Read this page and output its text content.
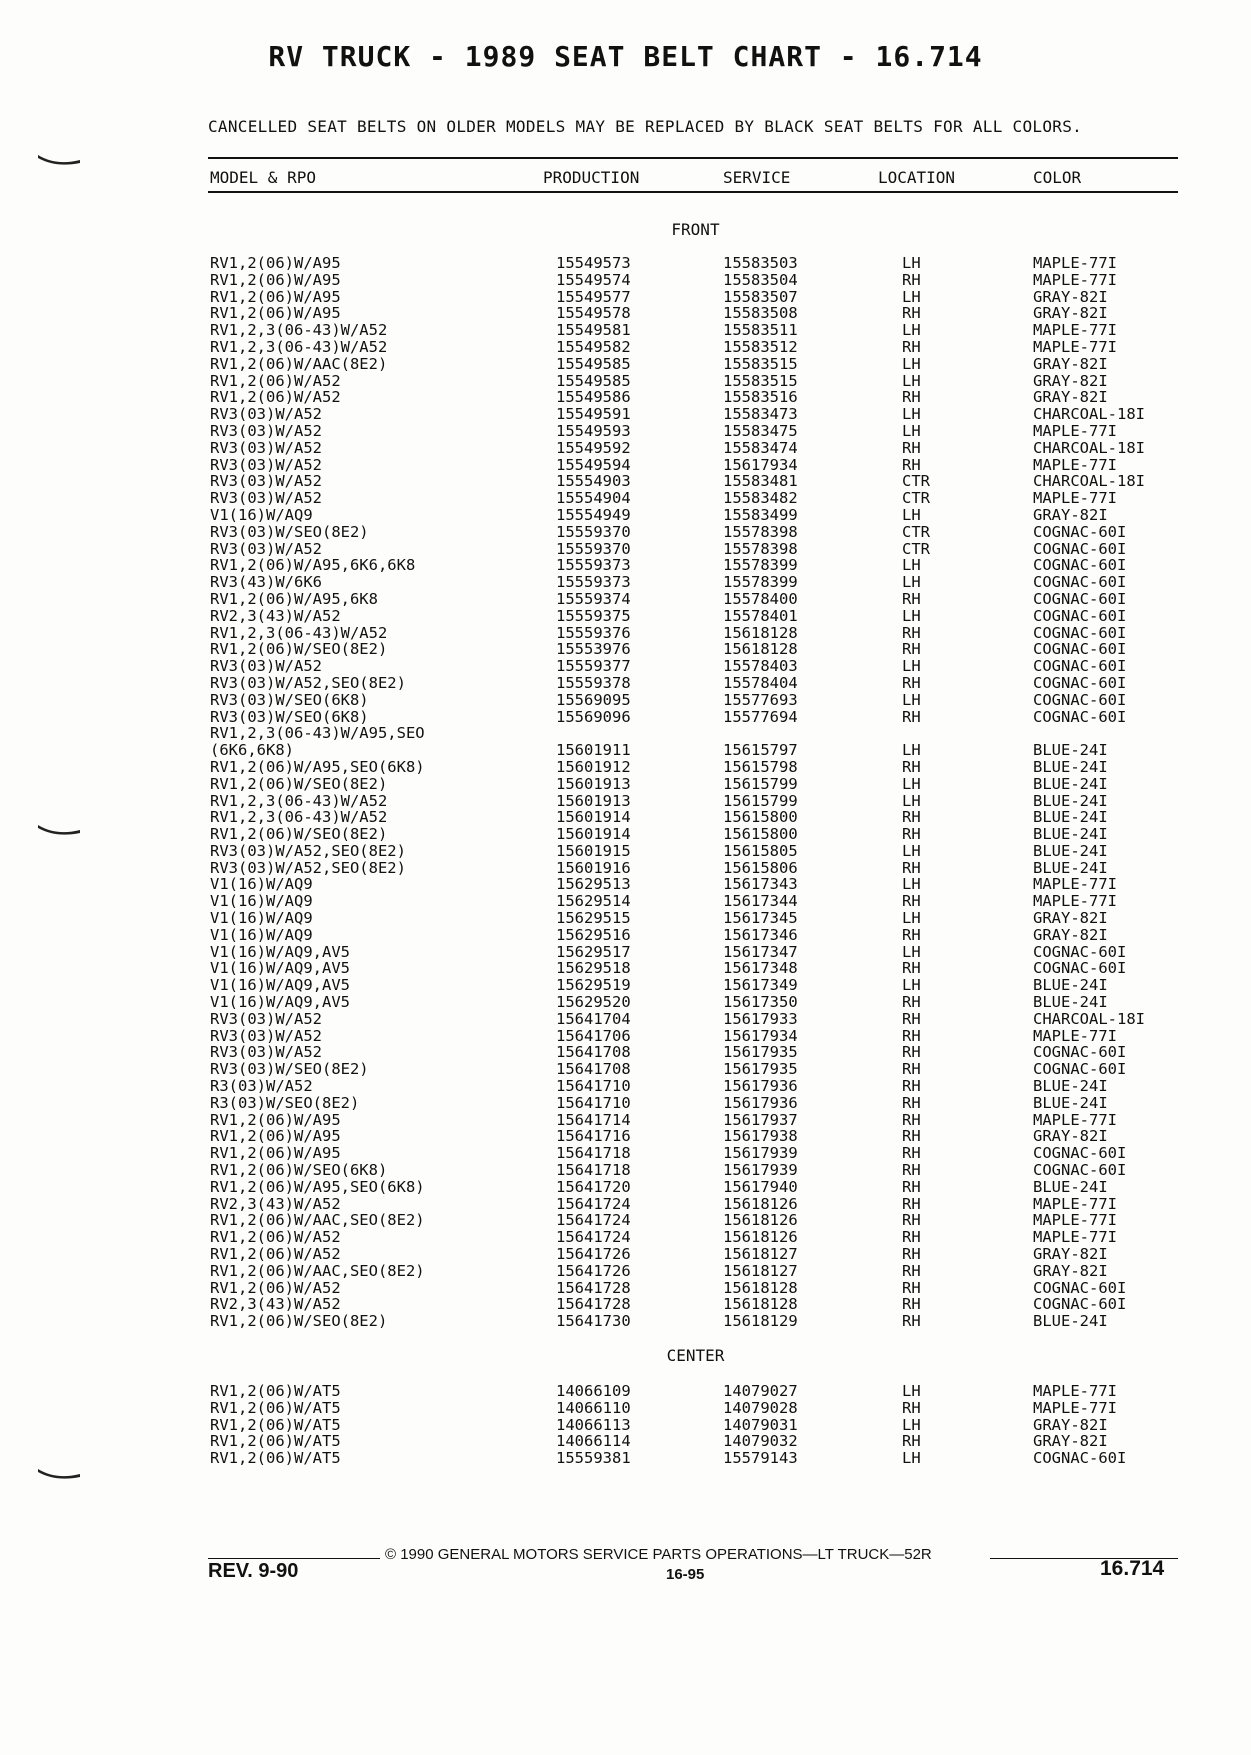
RV TRUCK - 1989 SEAT BELT CHART - 16.714
CANCELLED SEAT BELTS ON OLDER MODELS MAY BE REPLACED BY BLACK SEAT BELTS FOR ALL COLORS.
MODEL & RPO	PRODUCTION	SERVICE	LOCATION	COLOR
FRONT
RV1,2(06)W/A95	15549573	15583503	LH	MAPLE-77I
RV1,2(06)W/A95	15549574	15583504	RH	MAPLE-77I
RV1,2(06)W/A95	15549577	15583507	LH	GRAY-82I
RV1,2(06)W/A95	15549578	15583508	RH	GRAY-82I
RV1,2,3(06-43)W/A52	15549581	15583511	LH	MAPLE-77I
RV1,2,3(06-43)W/A52	15549582	15583512	RH	MAPLE-77I
RV1,2(06)W/AAC(8E2)	15549585	15583515	LH	GRAY-82I
RV1,2(06)W/A52	15549585	15583515	LH	GRAY-82I
RV1,2(06)W/A52	15549586	15583516	RH	GRAY-82I
RV3(03)W/A52	15549591	15583473	LH	CHARCOAL-18I
RV3(03)W/A52	15549593	15583475	LH	MAPLE-77I
RV3(03)W/A52	15549592	15583474	RH	CHARCOAL-18I
RV3(03)W/A52	15549594	15617934	RH	MAPLE-77I
RV3(03)W/A52	15554903	15583481	CTR	CHARCOAL-18I
RV3(03)W/A52	15554904	15583482	CTR	MAPLE-77I
V1(16)W/AQ9	15554949	15583499	LH	GRAY-82I
RV3(03)W/SEO(8E2)	15559370	15578398	CTR	COGNAC-60I
RV3(03)W/A52	15559370	15578398	CTR	COGNAC-60I
RV1,2(06)W/A95,6K6,6K8	15559373	15578399	LH	COGNAC-60I
RV3(43)W/6K6	15559373	15578399	LH	COGNAC-60I
RV1,2(06)W/A95,6K8	15559374	15578400	RH	COGNAC-60I
RV2,3(43)W/A52	15559375	15578401	LH	COGNAC-60I
RV1,2,3(06-43)W/A52	15559376	15618128	RH	COGNAC-60I
RV1,2(06)W/SEO(8E2)	15553976	15618128	RH	COGNAC-60I
RV3(03)W/A52	15559377	15578403	LH	COGNAC-60I
RV3(03)W/A52,SEO(8E2)	15559378	15578404	RH	COGNAC-60I
RV3(03)W/SEO(6K8)	15569095	15577693	LH	COGNAC-60I
RV3(03)W/SEO(6K8)	15569096	15577694	RH	COGNAC-60I
RV1,2,3(06-43)W/A95,SEO
(6K6,6K8)	15601911	15615797	LH	BLUE-24I
RV1,2(06)W/A95,SEO(6K8)	15601912	15615798	RH	BLUE-24I
RV1,2(06)W/SEO(8E2)	15601913	15615799	LH	BLUE-24I
RV1,2,3(06-43)W/A52	15601913	15615799	LH	BLUE-24I
RV1,2,3(06-43)W/A52	15601914	15615800	RH	BLUE-24I
RV1,2(06)W/SEO(8E2)	15601914	15615800	RH	BLUE-24I
RV3(03)W/A52,SEO(8E2)	15601915	15615805	LH	BLUE-24I
RV3(03)W/A52,SEO(8E2)	15601916	15615806	RH	BLUE-24I
V1(16)W/AQ9	15629513	15617343	LH	MAPLE-77I
V1(16)W/AQ9	15629514	15617344	RH	MAPLE-77I
V1(16)W/AQ9	15629515	15617345	LH	GRAY-82I
V1(16)W/AQ9	15629516	15617346	RH	GRAY-82I
V1(16)W/AQ9,AV5	15629517	15617347	LH	COGNAC-60I
V1(16)W/AQ9,AV5	15629518	15617348	RH	COGNAC-60I
V1(16)W/AQ9,AV5	15629519	15617349	LH	BLUE-24I
V1(16)W/AQ9,AV5	15629520	15617350	RH	BLUE-24I
RV3(03)W/A52	15641704	15617933	RH	CHARCOAL-18I
RV3(03)W/A52	15641706	15617934	RH	MAPLE-77I
RV3(03)W/A52	15641708	15617935	RH	COGNAC-60I
RV3(03)W/SEO(8E2)	15641708	15617935	RH	COGNAC-60I
R3(03)W/A52	15641710	15617936	RH	BLUE-24I
R3(03)W/SEO(8E2)	15641710	15617936	RH	BLUE-24I
RV1,2(06)W/A95	15641714	15617937	RH	MAPLE-77I
RV1,2(06)W/A95	15641716	15617938	RH	GRAY-82I
RV1,2(06)W/A95	15641718	15617939	RH	COGNAC-60I
RV1,2(06)W/SEO(6K8)	15641718	15617939	RH	COGNAC-60I
RV1,2(06)W/A95,SEO(6K8)	15641720	15617940	RH	BLUE-24I
RV2,3(43)W/A52	15641724	15618126	RH	MAPLE-77I
RV1,2(06)W/AAC,SEO(8E2)	15641724	15618126	RH	MAPLE-77I
RV1,2(06)W/A52	15641724	15618126	RH	MAPLE-77I
RV1,2(06)W/A52	15641726	15618127	RH	GRAY-82I
RV1,2(06)W/AAC,SEO(8E2)	15641726	15618127	RH	GRAY-82I
RV1,2(06)W/A52	15641728	15618128	RH	COGNAC-60I
RV2,3(43)W/A52	15641728	15618128	RH	COGNAC-60I
RV1,2(06)W/SEO(8E2)	15641730	15618129	RH	BLUE-24I
CENTER
RV1,2(06)W/AT5	14066109	14079027	LH	MAPLE-77I
RV1,2(06)W/AT5	14066110	14079028	RH	MAPLE-77I
RV1,2(06)W/AT5	14066113	14079031	LH	GRAY-82I
RV1,2(06)W/AT5	14066114	14079032	RH	GRAY-82I
RV1,2(06)W/AT5	15559381	15579143	LH	COGNAC-60I
© 1990 GENERAL MOTORS SERVICE PARTS OPERATIONS—LT TRUCK—52R
REV. 9-90	16-95	16.714
